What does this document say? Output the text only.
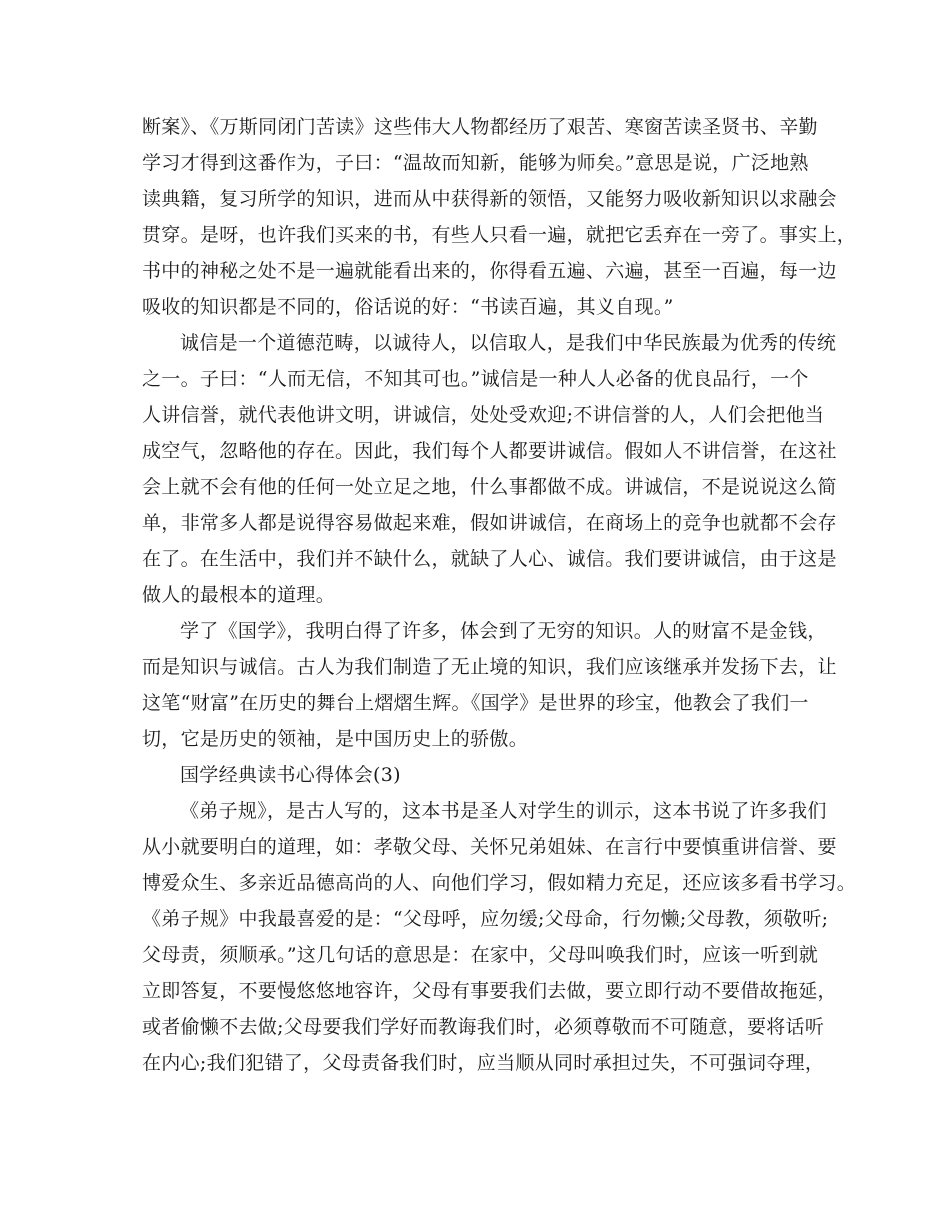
断案》、《万斯同闭门苦读》这些伟大人物都经历了艰苦、寒窗苦读圣贤书、辛勤
学习才得到这番作为，子曰：“温故而知新，能够为师矣。”意思是说，广泛地熟
读典籍，复习所学的知识，进而从中获得新的领悟，又能努力吸收新知识以求融会
贯穿。是呀，也许我们买来的书，有些人只看一遍，就把它丢弃在一旁了。事实上，
书中的神秘之处不是一遍就能看出来的，你得看五遍、六遍，甚至一百遍，每一边
吸收的知识都是不同的，俗话说的好：“书读百遍，其义自现。”
诚信是一个道德范畴，以诚待人，以信取人，是我们中华民族最为优秀的传统
之一。子曰：“人而无信，不知其可也。”诚信是一种人人必备的优良品行，一个
人讲信誉，就代表他讲文明，讲诚信，处处受欢迎;不讲信誉的人，人们会把他当
成空气，忽略他的存在。因此，我们每个人都要讲诚信。假如人不讲信誉，在这社
会上就不会有他的任何一处立足之地，什么事都做不成。讲诚信，不是说说这么简
单，非常多人都是说得容易做起来难，假如讲诚信，在商场上的竞争也就都不会存
在了。在生活中，我们并不缺什么，就缺了人心、诚信。我们要讲诚信，由于这是
做人的最根本的道理。
学了《国学》，我明白得了许多，体会到了无穷的知识。人的财富不是金钱，
而是知识与诚信。古人为我们制造了无止境的知识，我们应该继承并发扬下去，让
这笔“财富”在历史的舞台上熠熠生辉。《国学》是世界的珍宝，他教会了我们一
切，它是历史的领袖，是中国历史上的骄傲。
国学经典读书心得体会(3)
《弟子规》，是古人写的，这本书是圣人对学生的训示，这本书说了许多我们
从小就要明白的道理，如：孝敬父母、关怀兄弟姐妹、在言行中要慎重讲信誉、要
博爱众生、多亲近品德高尚的人、向他们学习，假如精力充足，还应该多看书学习。
《弟子规》中我最喜爱的是：“父母呼，应勿缓;父母命，行勿懒;父母教，须敬听;
父母责，须顺承。”这几句话的意思是：在家中，父母叫唤我们时，应该一听到就
立即答复，不要慢悠悠地容许，父母有事要我们去做，要立即行动不要借故拖延，
或者偷懒不去做;父母要我们学好而教诲我们时，必须尊敬而不可随意，要将话听
在内心;我们犯错了，父母责备我们时，应当顺从同时承担过失，不可强词夺理，
